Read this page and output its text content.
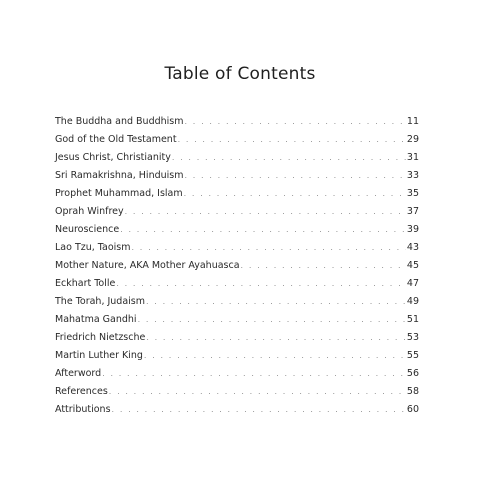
Table of Contents
The Buddha and Buddhism . . .	11
God of the Old Testament . . .	29
Jesus Christ, Christianity . . .	31
Sri Ramakrishna, Hinduism . . .	33
Prophet Muhammad, Islam . . .	35
Oprah Winfrey . . .	37
Neuroscience . . .	39
Lao Tzu, Taoism . . .	43
Mother Nature, AKA Mother Ayahuasca . . .	45
Eckhart Tolle . . .	47
The Torah, Judaism . . .	49
Mahatma Gandhi . . .	51
Friedrich Nietzsche . . .	53
Martin Luther King . . .	55
Afterword . . .	56
References . . .	58
Attributions . . .	60
